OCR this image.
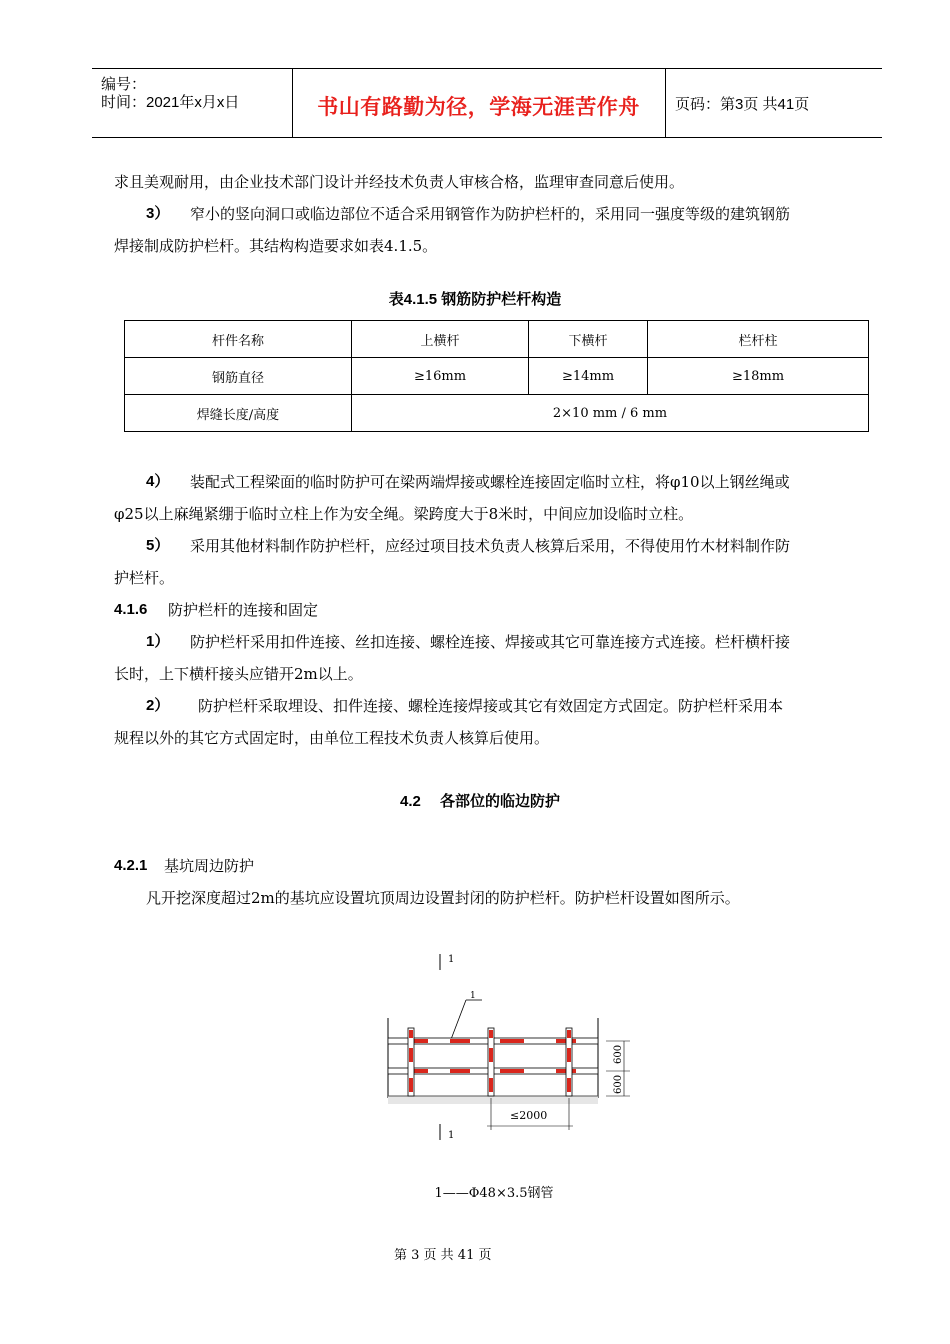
编号：
时间：2021年x月x日	书山有路勤为径，学海无涯苦作舟	页码：第3页 共41页
求且美观耐用，由企业技术部门设计并经技术负责人审核合格，监理审查同意后使用。
3） 窄小的竖向洞口或临边部位不适合采用钢管作为防护栏杆的，采用同一强度等级的建筑钢筋
焊接制成防护栏杆。其结构构造要求如表4.1.5。
表4.1.5 钢筋防护栏杆构造
杆件名称	上横杆	下横杆	栏杆柱
钢筋直径	≥16mm	≥14mm	≥18mm
焊缝长度/高度	2×10 mm / 6 mm		
4） 装配式工程梁面的临时防护可在梁两端焊接或螺栓连接固定临时立柱，将φ10以上钢丝绳或
φ25以上麻绳紧绷于临时立柱上作为安全绳。梁跨度大于8米时，中间应加设临时立柱。
5） 采用其他材料制作防护栏杆，应经过项目技术负责人核算后采用，不得使用竹木材料制作防
护栏杆。
4.1.6 防护栏杆的连接和固定
1） 防护栏杆采用扣件连接、丝扣连接、螺栓连接、焊接或其它可靠连接方式连接。栏杆横杆接
长时，上下横杆接头应错开2m以上。
2） 防护栏杆采取埋设、扣件连接、螺栓连接焊接或其它有效固定方式固定。防护栏杆采用本
规程以外的其它方式固定时，由单位工程技术负责人核算后使用。
4.2 各部位的临边防护
4.2.1 基坑周边防护
凡开挖深度超过2m的基坑应设置坑顶周边设置封闭的防护栏杆。防护栏杆设置如图所示。
1
1
1
600
600
≤2000
1——Φ48×3.5钢管
第 3 页 共 41 页
